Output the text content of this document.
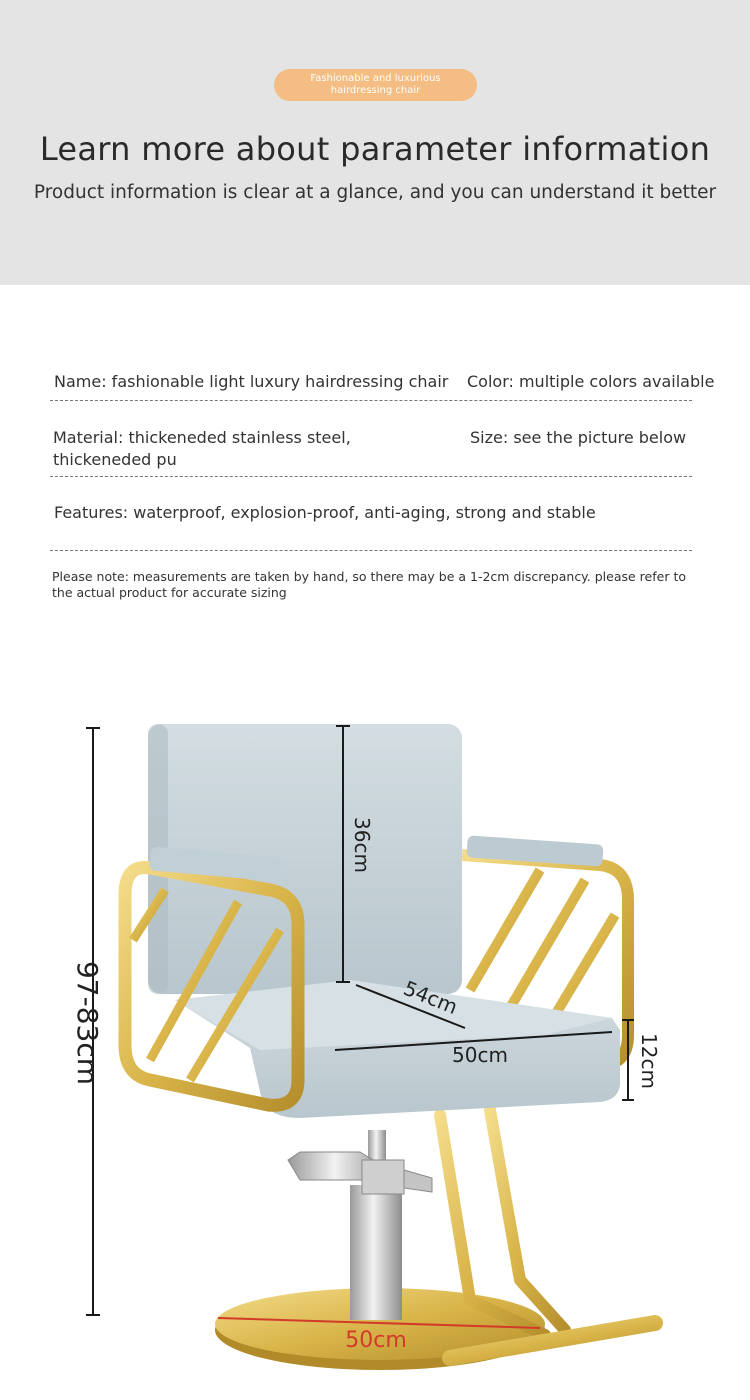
Fashionable and luxurious
hairdressing chair
Learn more about parameter information
Product information is clear at a glance, and you can understand it better
Name: fashionable light luxury hairdressing chair Color: multiple colors available
Material: thickeneded stainless steel,
thickeneded pu
Size: see the picture below
Features: waterproof, explosion-proof, anti-aging, strong and stable
Please note: measurements are taken by hand, so there may be a 1-2cm discrepancy. please refer to the actual product for accurate sizing
97-83cm
36cm
54cm
50cm	12cm
50cm
